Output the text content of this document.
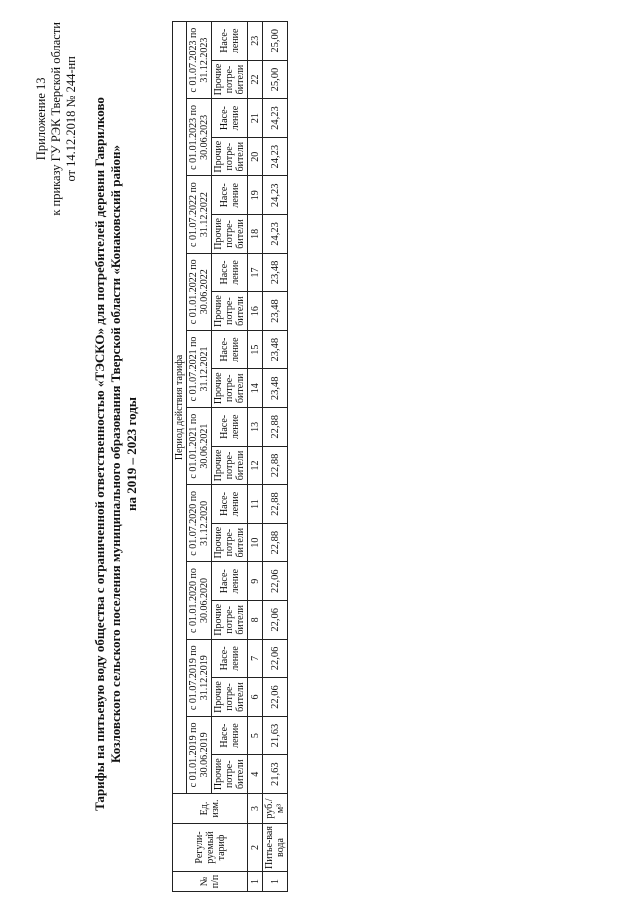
Приложение 13 к приказу ГУ РЭК Тверской области от 14.12.2018 № 244-нп Тарифы на питьевую воду общества с ограниченной ответственностью «ТЭСКО» для потребителей деревни Гаврилково Козловского сельского поселения муниципального образования Тверской области «Конаковский район» на 2019 – 2023 годы
№ п/п	Регули-руемый тариф	Ед. изм.	Период действия тарифа																			
			с 01.01.2019 по 30.06.2019		с 01.07.2019 по 31.12.2019		с 01.01.2020 по 30.06.2020		с 01.07.2020 по 31.12.2020		с 01.01.2021 по 30.06.2021		с 01.07.2021 по 31.12.2021		с 01.01.2022 по 30.06.2022		с 01.07.2022 по 31.12.2022		с 01.01.2023 по 30.06.2023		с 01.07.2023 по 31.12.2023	
			Прочие потре-бители	Насе-ление	Прочие потре-бители	Насе-ление	Прочие потре-бители	Насе-ление	Прочие потре-бители	Насе-ление	Прочие потре-бители	Насе-ление	Прочие потре-бители	Насе-ление	Прочие потре-бители	Насе-ление	Прочие потре-бители	Насе-ление	Прочие потре-бители	Насе-ление	Прочие потре-бители	Насе-ление
1	2	3	4	5	6	7	8	9	10	11	12	13	14	15	16	17	18	19	20	21	22	23
1	Питье-вая вода	руб./м³	21,63	21,63	22,06	22,06	22,06	22,06	22,88	22,88	22,88	22,88	23,48	23,48	23,48	23,48	24,23	24,23	24,23	24,23	25,00	25,00
